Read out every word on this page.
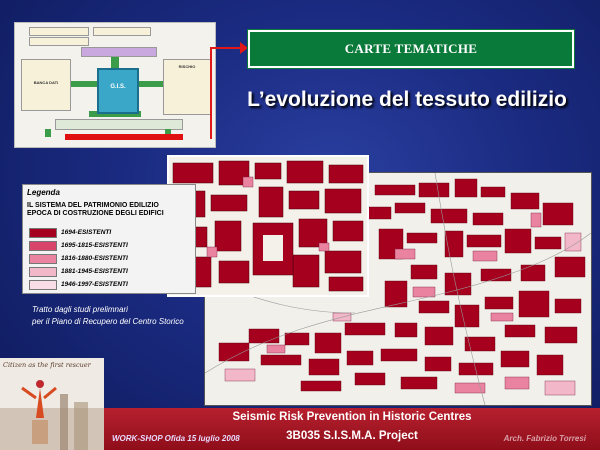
BANCA DATI
RISCHIO
G.I.S.
CARTE TEMATICHE
L’evoluzione del tessuto edilizio
Legenda
IL SISTEMA DEL PATRIMONIO EDILIZIO
EPOCA DI COSTRUZIONE DEGLI EDIFICI
1694-ESISTENTI
1695-1815-ESISTENTI
1816-1880-ESISTENTI
1881-1945-ESISTENTI
1946-1997-ESISTENTI
Tratto dagli studi prelimnari
per il Piano di Recupero del Centro Storico
Citizen as the first rescuer
Seismic Risk Prevention in Historic Centres
3B035 S.I.S.M.A. Project
WORK-SHOP Ofida 15 luglio 2008	Arch. Fabrizio Torresi
